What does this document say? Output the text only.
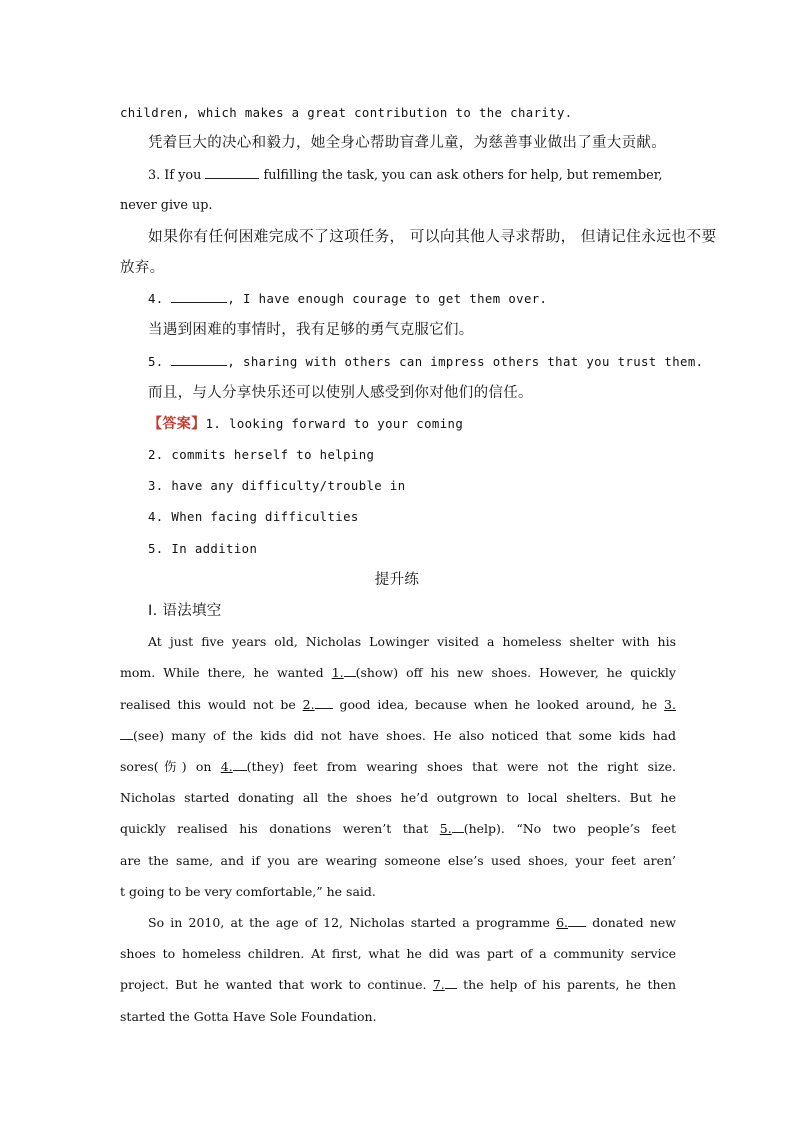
children, which makes a great contribution to the charity.
凭着巨大的决心和毅力，她全身心帮助盲聋儿童，为慈善事业做出了重大贡献。
3. If you	fulfilling the task, you can ask others for help, but remember,
never give up.
如果你有任何困难完成不了这项任务， 可以向其他人寻求帮助， 但请记住永远也不要
放弃。
4.	, I have enough courage to get them over.
当遇到困难的事情时，我有足够的勇气克服它们。
5.	, sharing with others can impress others that you trust them.
而且，与人分享快乐还可以使别人感受到你对他们的信任。
【答案】1. looking forward to your coming
2. commits herself to helping
3. have any difficulty/trouble in
4. When facing difficulties
5. In addition
提升练
Ⅰ. 语法填空
At just five years old, Nicholas Lowinger visited a homeless shelter with his
mom. While there, he wanted 1. (show) off his new shoes. However, he quickly
realised this would not be 2. good idea, because when he looked around, he 3.
(see) many of the kids did not have shoes. He also noticed that some kids had
sores(伤) on 4. (they) feet from wearing shoes that were not the right size.
Nicholas started donating all the shoes he’d outgrown to local shelters. But he
quickly realised his donations weren’t that 5. (help). “No two people’s feet
are the same, and if you are wearing someone else’s used shoes, your feet aren’
t going to be very comfortable,” he said.
So in 2010, at the age of 12, Nicholas started a programme 6. donated new
shoes to homeless children. At first, what he did was part of a community service
project. But he wanted that work to continue. 7. the help of his parents, he then
started the Gotta Have Sole Foundation.
